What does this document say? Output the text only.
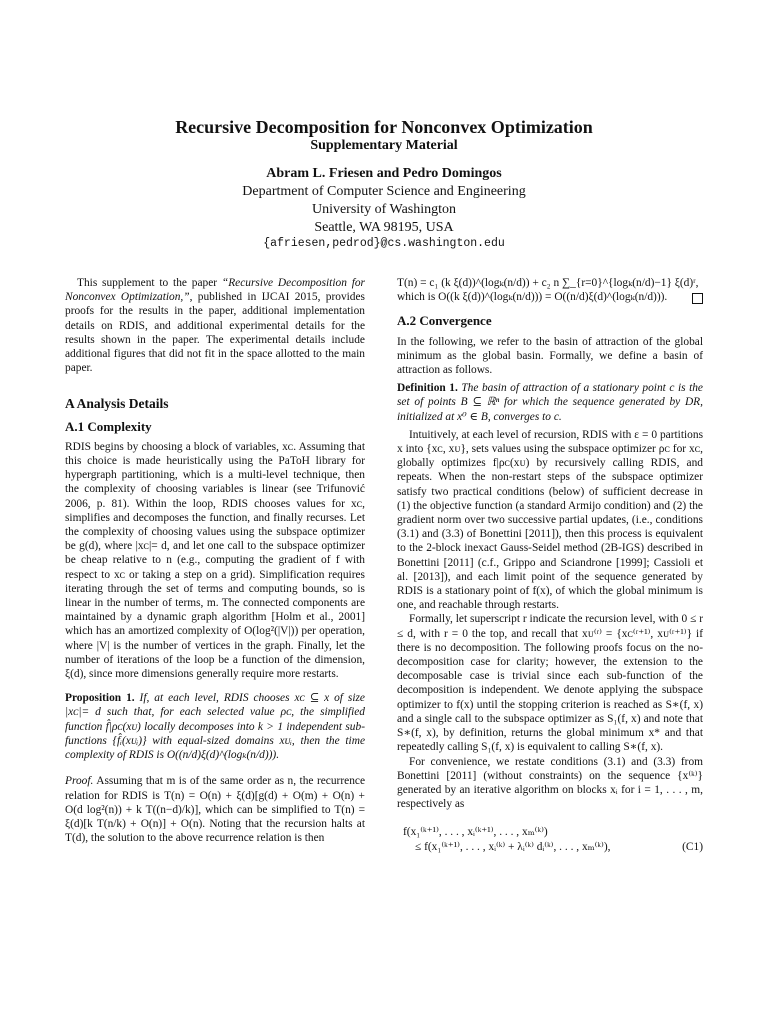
Recursive Decomposition for Nonconvex Optimization
Supplementary Material
Abram L. Friesen and Pedro Domingos
Department of Computer Science and Engineering
University of Washington
Seattle, WA 98195, USA
{afriesen,pedrod}@cs.washington.edu

This supplement to the paper “Recursive Decomposition for Nonconvex Optimization,”, published in IJCAI 2015, provides proofs for the results in the paper, additional implementation details on RDIS, and additional experimental details for the results shown in the paper. The experimental details include additional figures that did not fit in the space allotted to the main paper.

A Analysis Details
A.1 Complexity

RDIS begins by choosing a block of variables, xᴄ. Assuming that this choice is made heuristically using the PaToH library for hypergraph partitioning, which is a multi-level technique, then the complexity of choosing variables is linear (see Trifunović 2006, p. 81). Within the loop, RDIS chooses values for xᴄ, simplifies and decomposes the function, and finally recurses. Let the complexity of choosing values using the subspace optimizer be g(d), where |xᴄ|= d, and let one call to the subspace optimizer be cheap relative to n (e.g., computing the gradient of f with respect to xᴄ or taking a step on a grid). Simplification requires iterating through the set of terms and computing bounds, so is linear in the number of terms, m. The connected components are maintained by a dynamic graph algorithm [Holm et al., 2001] which has an amortized complexity of O(log²(|V|)) per operation, where |V| is the number of vertices in the graph. Finally, let the number of iterations of the loop be a function of the dimension, ξ(d), since more dimensions generally require more restarts.

Proposition 1. If, at each level, RDIS chooses xᴄ ⊆ x of size |xᴄ|= d such that, for each selected value ρᴄ, the simplified function f̂|ρᴄ(xᴜ) locally decomposes into k > 1 independent sub-functions {f̂ᵢ(xᴜᵢ)} with equal-sized domains xᴜᵢ, then the time complexity of RDIS is O((n/d)ξ(d)^(logₖ(n/d))).

Proof. Assuming that m is of the same order as n, the recurrence relation for RDIS is T(n) = O(n) + ξ(d)[g(d) + O(m) + O(n) + O(d log²(n)) + k T((n−d)/k)], which can be simplified to T(n) = ξ(d)[k T(n/k) + O(n)] + O(n). Noting that the recursion halts at T(d), the solution to the above recurrence relation is then

T(n) = c₁ (k ξ(d))^(logₖ(n/d)) + c₂ n ∑_{r=0}^{logₖ(n/d)−1} ξ(d)ʳ,

which is O((k ξ(d))^(logₖ(n/d))) = O((n/d)ξ(d)^(logₖ(n/d))).

A.2 Convergence

In the following, we refer to the basin of attraction of the global minimum as the global basin. Formally, we define a basin of attraction as follows.

Definition 1. The basin of attraction of a stationary point c is the set of points B ⊆ ℝⁿ for which the sequence generated by DR, initialized at x⁰ ∈ B, converges to c.

Intuitively, at each level of recursion, RDIS with ε = 0 partitions x into {xᴄ, xᴜ}, sets values using the subspace optimizer ρᴄ for xᴄ, globally optimizes f|ρᴄ(xᴜ) by recursively calling RDIS, and repeats. When the non-restart steps of the subspace optimizer satisfy two practical conditions (below) of sufficient decrease in (1) the objective function (a standard Armijo condition) and (2) the gradient norm over two successive partial updates, (i.e., conditions (3.1) and (3.3) of Bonettini [2011]), then this process is equivalent to the 2-block inexact Gauss-Seidel method (2B-IGS) described in Bonettini [2011] (c.f., Grippo and Sciandrone [1999]; Cassioli et al. [2013]), and each limit point of the sequence generated by RDIS is a stationary point of f(x), of which the global minimum is one, and reachable through restarts.

Formally, let superscript r indicate the recursion level, with 0 ≤ r ≤ d, with r = 0 the top, and recall that xᴜ⁽ʳ⁾ = {xᴄ⁽ʳ⁺¹⁾, xᴜ⁽ʳ⁺¹⁾} if there is no decomposition. The following proofs focus on the no-decomposition case for clarity; however, the extension to the decomposable case is trivial since each sub-function of the decomposition is independent. We denote applying the subspace optimizer to f(x) until the stopping criterion is reached as S∗(f, x) and a single call to the subspace optimizer as S₁(f, x) and note that S∗(f, x), by definition, returns the global minimum x* and that repeatedly calling S₁(f, x) is equivalent to calling S∗(f, x).

For convenience, we restate conditions (3.1) and (3.3) from Bonettini [2011] (without constraints) on the sequence {x⁽ᵏ⁾} generated by an iterative algorithm on blocks xᵢ for i = 1, . . . , m, respectively as

f(x₁⁽ᵏ⁺¹⁾, . . . , xᵢ⁽ᵏ⁺¹⁾, . . . , xₘ⁽ᵏ⁾)
≤ f(x₁⁽ᵏ⁺¹⁾, . . . , xᵢ⁽ᵏ⁾ + λᵢ⁽ᵏ⁾ dᵢ⁽ᵏ⁾, . . . , xₘ⁽ᵏ⁾),	(C1)
